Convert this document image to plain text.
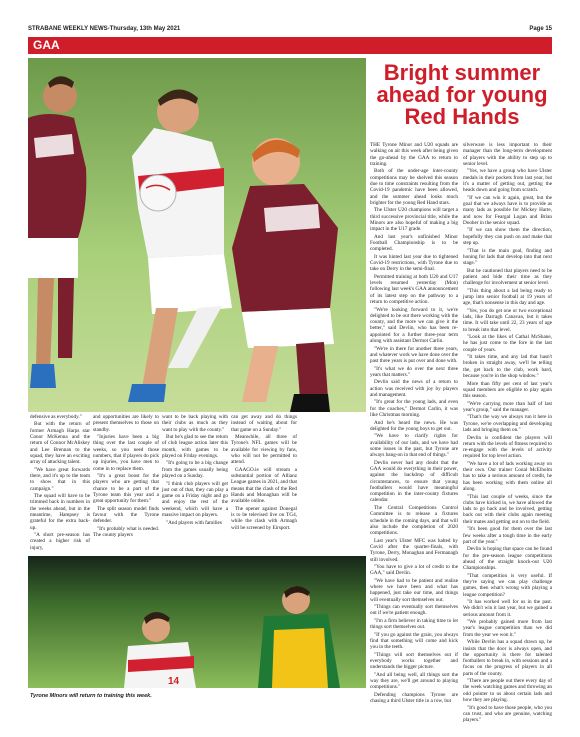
STRABANE WEEKLY NEWS-Thursday, 13th May 2021	Page 15
GAA
14
Tyrone Minors will return to training this week.
Bright summer ahead for young Red Hands

defensive as everybody."

But with the return of former Armagh Harps star Conor McKenna and the return of Connor McAliskey and Lee Brennan to the squad, they have an exciting array of attacking talent.

"We have great forwards there, and it's up to the team to show that in this campaign."

The squad will have to be trimmed back in numbers in the weeks ahead, but in the meantime, Hampsey is grateful for the extra back-up.

"A short pre-season has created a higher risk of injury,

and opportunities are likely to present themselves to those on standby.

"Injuries have been a big thing over the last couple of weeks, so you need those numbers, that if players do pick up injuries, you have men to come in to replace them.

"It's a great boost for the players who are getting that chance to be a part of the Tyrone team this year and a great opportunity for them."

The split season model finds favour with the Tyrone defender.

"It's probably what is needed. The county players

want to be back playing with their clubs as much as they want to play with the county."

But he's glad to see the return of club league action later this month, with games to be played on Friday evenings.

"It's going to be a big change from the games usually being played on a Sunday.

"I think club players will get just out of that, they can play a game on a Friday night and go and enjoy the rest of the weekend, which will have a massive impact on players.

"And players with families

can get away and do things instead of waiting about for that game on a Sunday."

Meanwhile, all three of Tyrone's NFL games will be available for viewing by fans, who will not be permitted to attend.

GAAGO.ie will stream a substantial portion of Allianz League games in 2021, and that means that the clash of the Red Hands and Monaghan will be available online.

The opener against Donegal is to be televised live on TG4, while the clash with Armagh will be screened by Eirsport.

THE Tyrone Minor and U20 squads are walking on air this week after being given the go-ahead by the GAA to return to training.

Both of the under-age inter-county competitions may be shelved this season due to time constraints resulting from the Covid-19 pandemic have been allowed, and the summer ahead looks much brighter for the young Red Hand stars.

The Ulster U20 champions will target a third successive provincial title, while the Minors are also hopeful of making a big impact in the U17 grade.

And last year's unfinished Minor Football Championship is to be completed.

It was hinted last year due to tightened Covid-19 restrictions, with Tyrone due to take on Derry in the semi-final.

Permitted training at both U20 and U17 levels resumed yesterday (Mon) following last week's GAA announcement of its latest step on the pathway to a return to competitive action.

"We're looking forward to it, we're delighted to be out there working with the county, and the more we can give it the better," said Devlin, who has been re-appointed for a further three-year term along with assistant Dermot Carlin.

"We're in there for another three years, and whatever work we have done over the past three years is put over and done with.

"It's what we do over the next three years that matters."

Devlin said the news of a return to action was received with joy by players and management.

"It's great for the young lads, and even for the coaches," Dermot Carlin, it was like Christmas morning.

And he's heard the news. He was delighted for the young boys to get out.

"We have to clarify rights for availability of our lads, and we have had some issues in the past, but Tyrone are always bang-on in that end of things."

Devlin never had any doubt that the GAA would do everything in their power, against the backdrop of difficult circumstances, to ensure that young footballers would have meaningful competition in the inter-county fixtures calendar.

The Central Competitions Control Committee is to release a fixtures schedule in the coming days, and that will also include the completion of 2020 competitions.

Last year's Ulster MFC was halted by Covid after the quarter-finals, with Tyrone, Derry, Monaghan and Fermanagh still involved.

"You have to give a lot of credit to the GAA," said Devlin.

"We have had to be patient and realise where we have been and what has happened, just take our time, and things will eventually sort themselves out.

"Things can eventually sort themselves out if we're patient enough.

"I'm a firm believer in taking time to let things sort themselves out.

"If you go against the grain, you always find that something will come and kick you in the teeth.

"Things will sort themselves out if everybody works together and understands the bigger picture.

"And all being well, all things sort the way they are, we'll get around to playing competitions."

Defending champions Tyrone are chasing a third Ulster title in a row, but

silverware is less important to their manager than the long-term development of players with the ability to step up to senior level.

"Yes, we have a group who have Ulster medals in their pockets from last year, but it's a matter of getting out, getting the heads down and going from scratch.

"If we can win it again, great, but the goal that we always have is to provide as many lads as possible for Mickey Harte, and now for Feargal Logan and Brian Dooher in the senior squad.

"If we can show them the direction, hopefully they can push on and make that step up.

"That is the main goal, finding and honing for lads that develop into that next stage."

But he cautioned that players need to be patient and bide their time as they challenge for involvement at senior level.

"This thing about a lad being ready to jump into senior football at 19 years of age, that's nonsense in this day and age.

"Yes, you do get one or two exceptional lads, like Darragh Canavan, but it takes time. It will take until 22, 23 years of age to break into that level.

"Look at the likes of Cathal McShane, he has just come to the fore in the last couple of years.

"It takes time, and any lad that hasn't broken in straight away, we'll be telling the, get back to the club, work hard, because you're in the shop window."

More than fifty per cent of last year's squad members are eligible to play again this season.

"We're carrying more than half of last year's group," said the manager.

"That's the way we always run it here in Tyrone, we're overlapping and developing lads and bringing them on."

Devlin is confident the players will return with the levels of fitness required to re-engage with the levels of activity required for top level action.

"We have a lot of lads working away on their own. Our trainer Conal McElholm has to take a serious amount of credit, he has been working with them online all along.

"This last couple of weeks, since the clubs have kicked in, we have allowed the lads to go back and be involved, getting back out with their clubs again meeting their mates and getting out on to the field.

"It's been good for them over the last few weeks after a tough time in the early part of the year."

Devlin is hoping that space can be found for the pre-season league competitions ahead of the straight knock-out U20 Championships.

"That competition is very useful. If they're saying we can play challenge games, then what's wrong with playing a league competition?

"It has worked well for us in the past. We didn't win it last year, but we gained a serious amount from it.

"We probably gained more from last year's league competition than we did from the year we won it."

While Devlin has a squad drawn up, he insists that the door is always open, and the opportunity is there for talented footballers to break in, with sessions and a focus on the progress of players in all parts of the county.

"There are people out there every day of the week watching games and throwing an odd pointer to us about certain lads and how they are playing.

"It's good to have those people, who you can trust, and who are genuine, watching players."
